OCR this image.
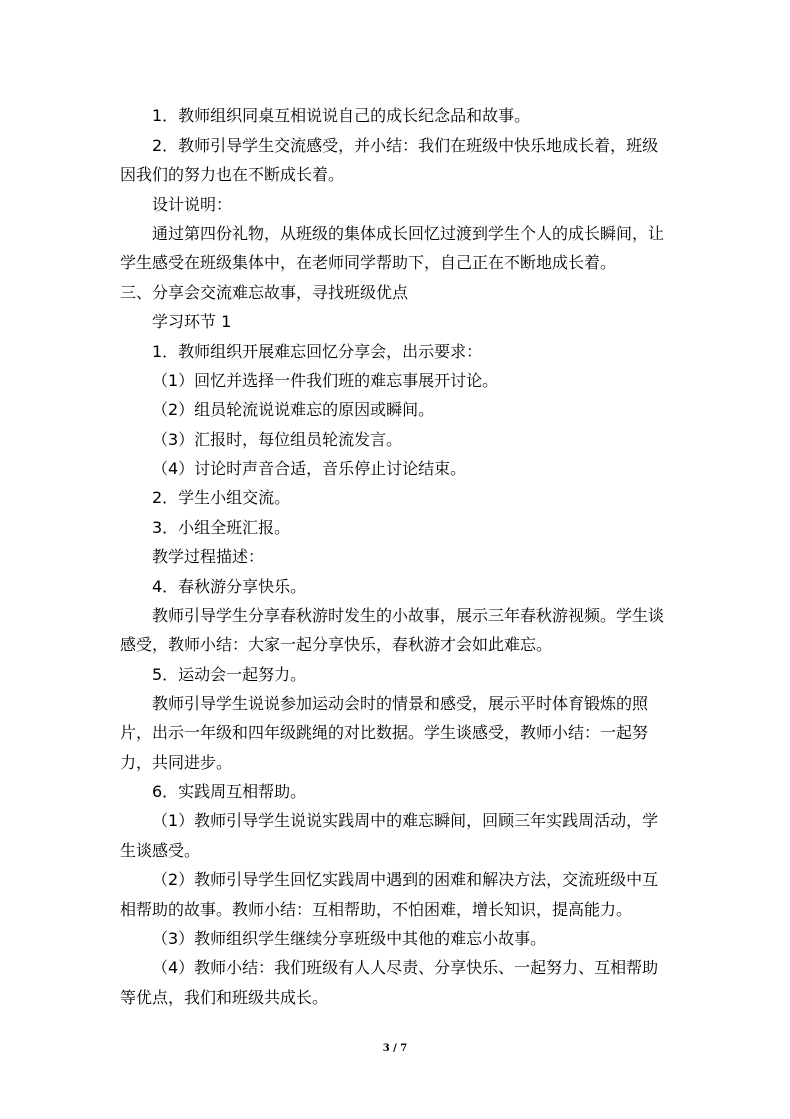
1．教师组织同桌互相说说自己的成长纪念品和故事。
2．教师引导学生交流感受，并小结：我们在班级中快乐地成长着，班级
因我们的努力也在不断成长着。
设计说明：
通过第四份礼物，从班级的集体成长回忆过渡到学生个人的成长瞬间，让
学生感受在班级集体中，在老师同学帮助下，自己正在不断地成长着。
三、分享会交流难忘故事，寻找班级优点
学习环节 1
1．教师组织开展难忘回忆分享会，出示要求：
（1）回忆并选择一件我们班的难忘事展开讨论。
（2）组员轮流说说难忘的原因或瞬间。
（3）汇报时，每位组员轮流发言。
（4）讨论时声音合适，音乐停止讨论结束。
2．学生小组交流。
3．小组全班汇报。
教学过程描述：
4．春秋游分享快乐。
教师引导学生分享春秋游时发生的小故事，展示三年春秋游视频。学生谈
感受，教师小结：大家一起分享快乐，春秋游才会如此难忘。
5．运动会一起努力。
教师引导学生说说参加运动会时的情景和感受，展示平时体育锻炼的照
片，出示一年级和四年级跳绳的对比数据。学生谈感受，教师小结：一起努
力，共同进步。
6．实践周互相帮助。
（1）教师引导学生说说实践周中的难忘瞬间，回顾三年实践周活动，学
生谈感受。
（2）教师引导学生回忆实践周中遇到的困难和解决方法，交流班级中互
相帮助的故事。教师小结：互相帮助，不怕困难，增长知识，提高能力。
（3）教师组织学生继续分享班级中其他的难忘小故事。
（4）教师小结：我们班级有人人尽责、分享快乐、一起努力、互相帮助
等优点，我们和班级共成长。
3 / 7
